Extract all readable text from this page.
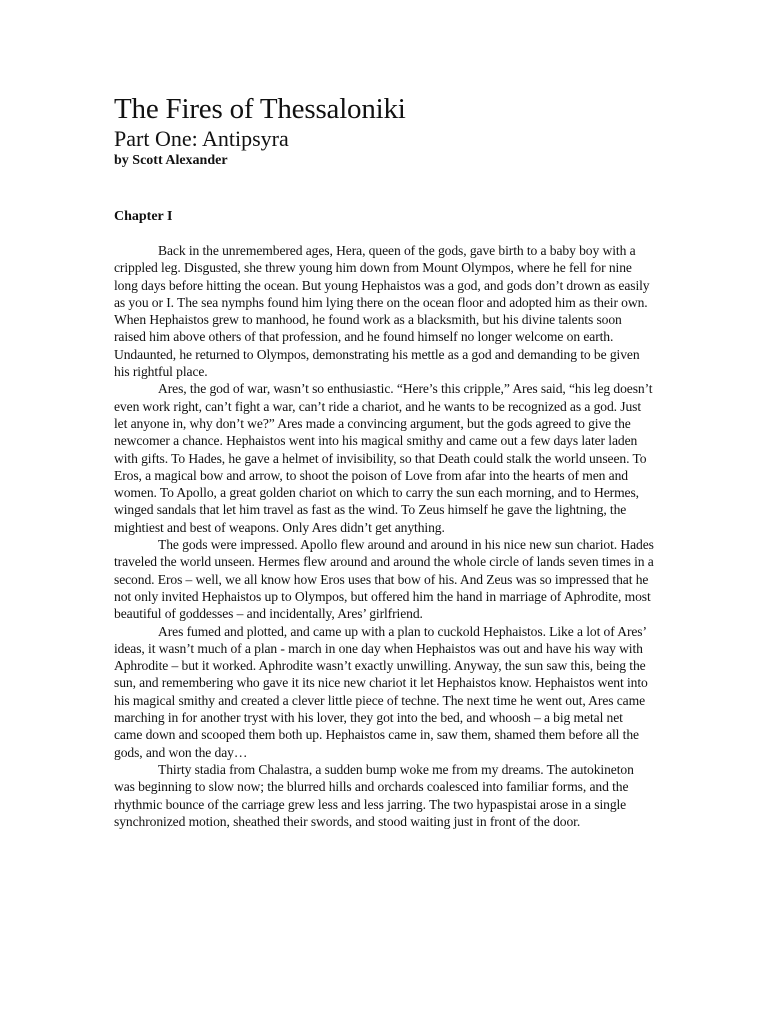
The Fires of Thessaloniki
Part One: Antipsyra
by Scott Alexander
Chapter I

Back in the unremembered ages, Hera, queen of the gods, gave birth to a baby boy with a crippled leg. Disgusted, she threw young him down from Mount Olympos, where he fell for nine long days before hitting the ocean. But young Hephaistos was a god, and gods don’t drown as easily as you or I. The sea nymphs found him lying there on the ocean floor and adopted him as their own. When Hephaistos grew to manhood, he found work as a blacksmith, but his divine talents soon raised him above others of that profession, and he found himself no longer welcome on earth. Undaunted, he returned to Olympos, demonstrating his mettle as a god and demanding to be given his rightful place.

Ares, the god of war, wasn’t so enthusiastic. “Here’s this cripple,” Ares said, “his leg doesn’t even work right, can’t fight a war, can’t ride a chariot, and he wants to be recognized as a god. Just let anyone in, why don’t we?” Ares made a convincing argument, but the gods agreed to give the newcomer a chance. Hephaistos went into his magical smithy and came out a few days later laden with gifts. To Hades, he gave a helmet of invisibility, so that Death could stalk the world unseen. To Eros, a magical bow and arrow, to shoot the poison of Love from afar into the hearts of men and women. To Apollo, a great golden chariot on which to carry the sun each morning, and to Hermes, winged sandals that let him travel as fast as the wind. To Zeus himself he gave the lightning, the mightiest and best of weapons. Only Ares didn’t get anything.

The gods were impressed. Apollo flew around and around in his nice new sun chariot. Hades traveled the world unseen. Hermes flew around and around the whole circle of lands seven times in a second. Eros – well, we all know how Eros uses that bow of his. And Zeus was so impressed that he not only invited Hephaistos up to Olympos, but offered him the hand in marriage of Aphrodite, most beautiful of goddesses – and incidentally, Ares’ girlfriend.

Ares fumed and plotted, and came up with a plan to cuckold Hephaistos. Like a lot of Ares’ ideas, it wasn’t much of a plan - march in one day when Hephaistos was out and have his way with Aphrodite – but it worked. Aphrodite wasn’t exactly unwilling. Anyway, the sun saw this, being the sun, and remembering who gave it its nice new chariot it let Hephaistos know. Hephaistos went into his magical smithy and created a clever little piece of techne. The next time he went out, Ares came marching in for another tryst with his lover, they got into the bed, and whoosh – a big metal net came down and scooped them both up. Hephaistos came in, saw them, shamed them before all the gods, and won the day…

Thirty stadia from Chalastra, a sudden bump woke me from my dreams. The autokineton was beginning to slow now; the blurred hills and orchards coalesced into familiar forms, and the rhythmic bounce of the carriage grew less and less jarring. The two hypaspistai arose in a single synchronized motion, sheathed their swords, and stood waiting just in front of the door.
